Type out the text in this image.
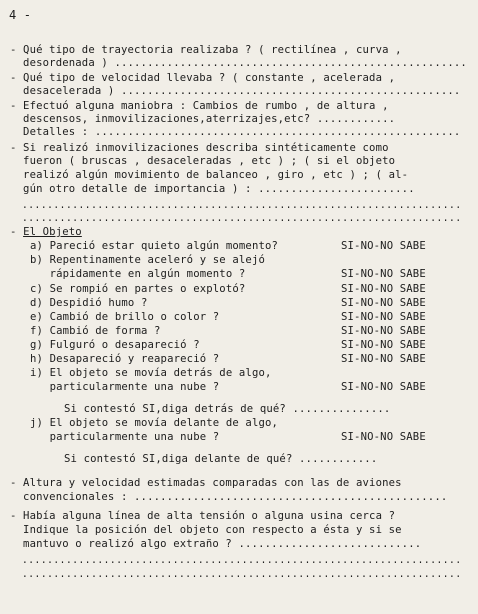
4 -
- Qué tipo de trayectoria realizaba ? ( rectilínea , curva ,
desordenada ) ......................................................
- Qué tipo de velocidad llevaba ? ( constante , acelerada ,
desacelerada ) ....................................................
- Efectuó alguna maniobra : Cambios de rumbo , de altura ,
descensos, inmovilizaciones,aterrizajes,etc? ............
Detalles : ........................................................
- Si realizó inmovilizaciones describa sintéticamente como
fueron ( bruscas , desaceleradas , etc ) ; ( si el objeto
realizó algún movimiento de balanceo , giro , etc ) ; ( al-
gún otro detalle de importancia ) : ........................
......................................................................
......................................................................
- El Objeto
a) Pareció estar quieto algún momento?	SI-NO-NO SABE
b) Repentinamente aceleró y se alejó
rápidamente en algún momento ?	SI-NO-NO SABE
c) Se rompió en partes o explotó?	SI-NO-NO SABE
d) Despidió humo ?	SI-NO-NO SABE
e) Cambió de brillo o color ?	SI-NO-NO SABE
f) Cambió de forma ?	SI-NO-NO SABE
g) Fulguró o desapareció ?	SI-NO-NO SABE
h) Desapareció y reapareció ?	SI-NO-NO SABE
i) El objeto se movía detrás de algo,
particularmente una nube ?	SI-NO-NO SABE
Si contestó SI,diga detrás de qué? ...............
j) El objeto se movía delante de algo,
particularmente una nube ?	SI-NO-NO SABE
Si contestó SI,diga delante de qué? ............
- Altura y velocidad estimadas comparadas con las de aviones
convencionales : ................................................
- Había alguna línea de alta tensión o alguna usina cerca ?
Indique la posición del objeto con respecto a ésta y si se
mantuvo o realizó algo extraño ? ............................
......................................................................
......................................................................
